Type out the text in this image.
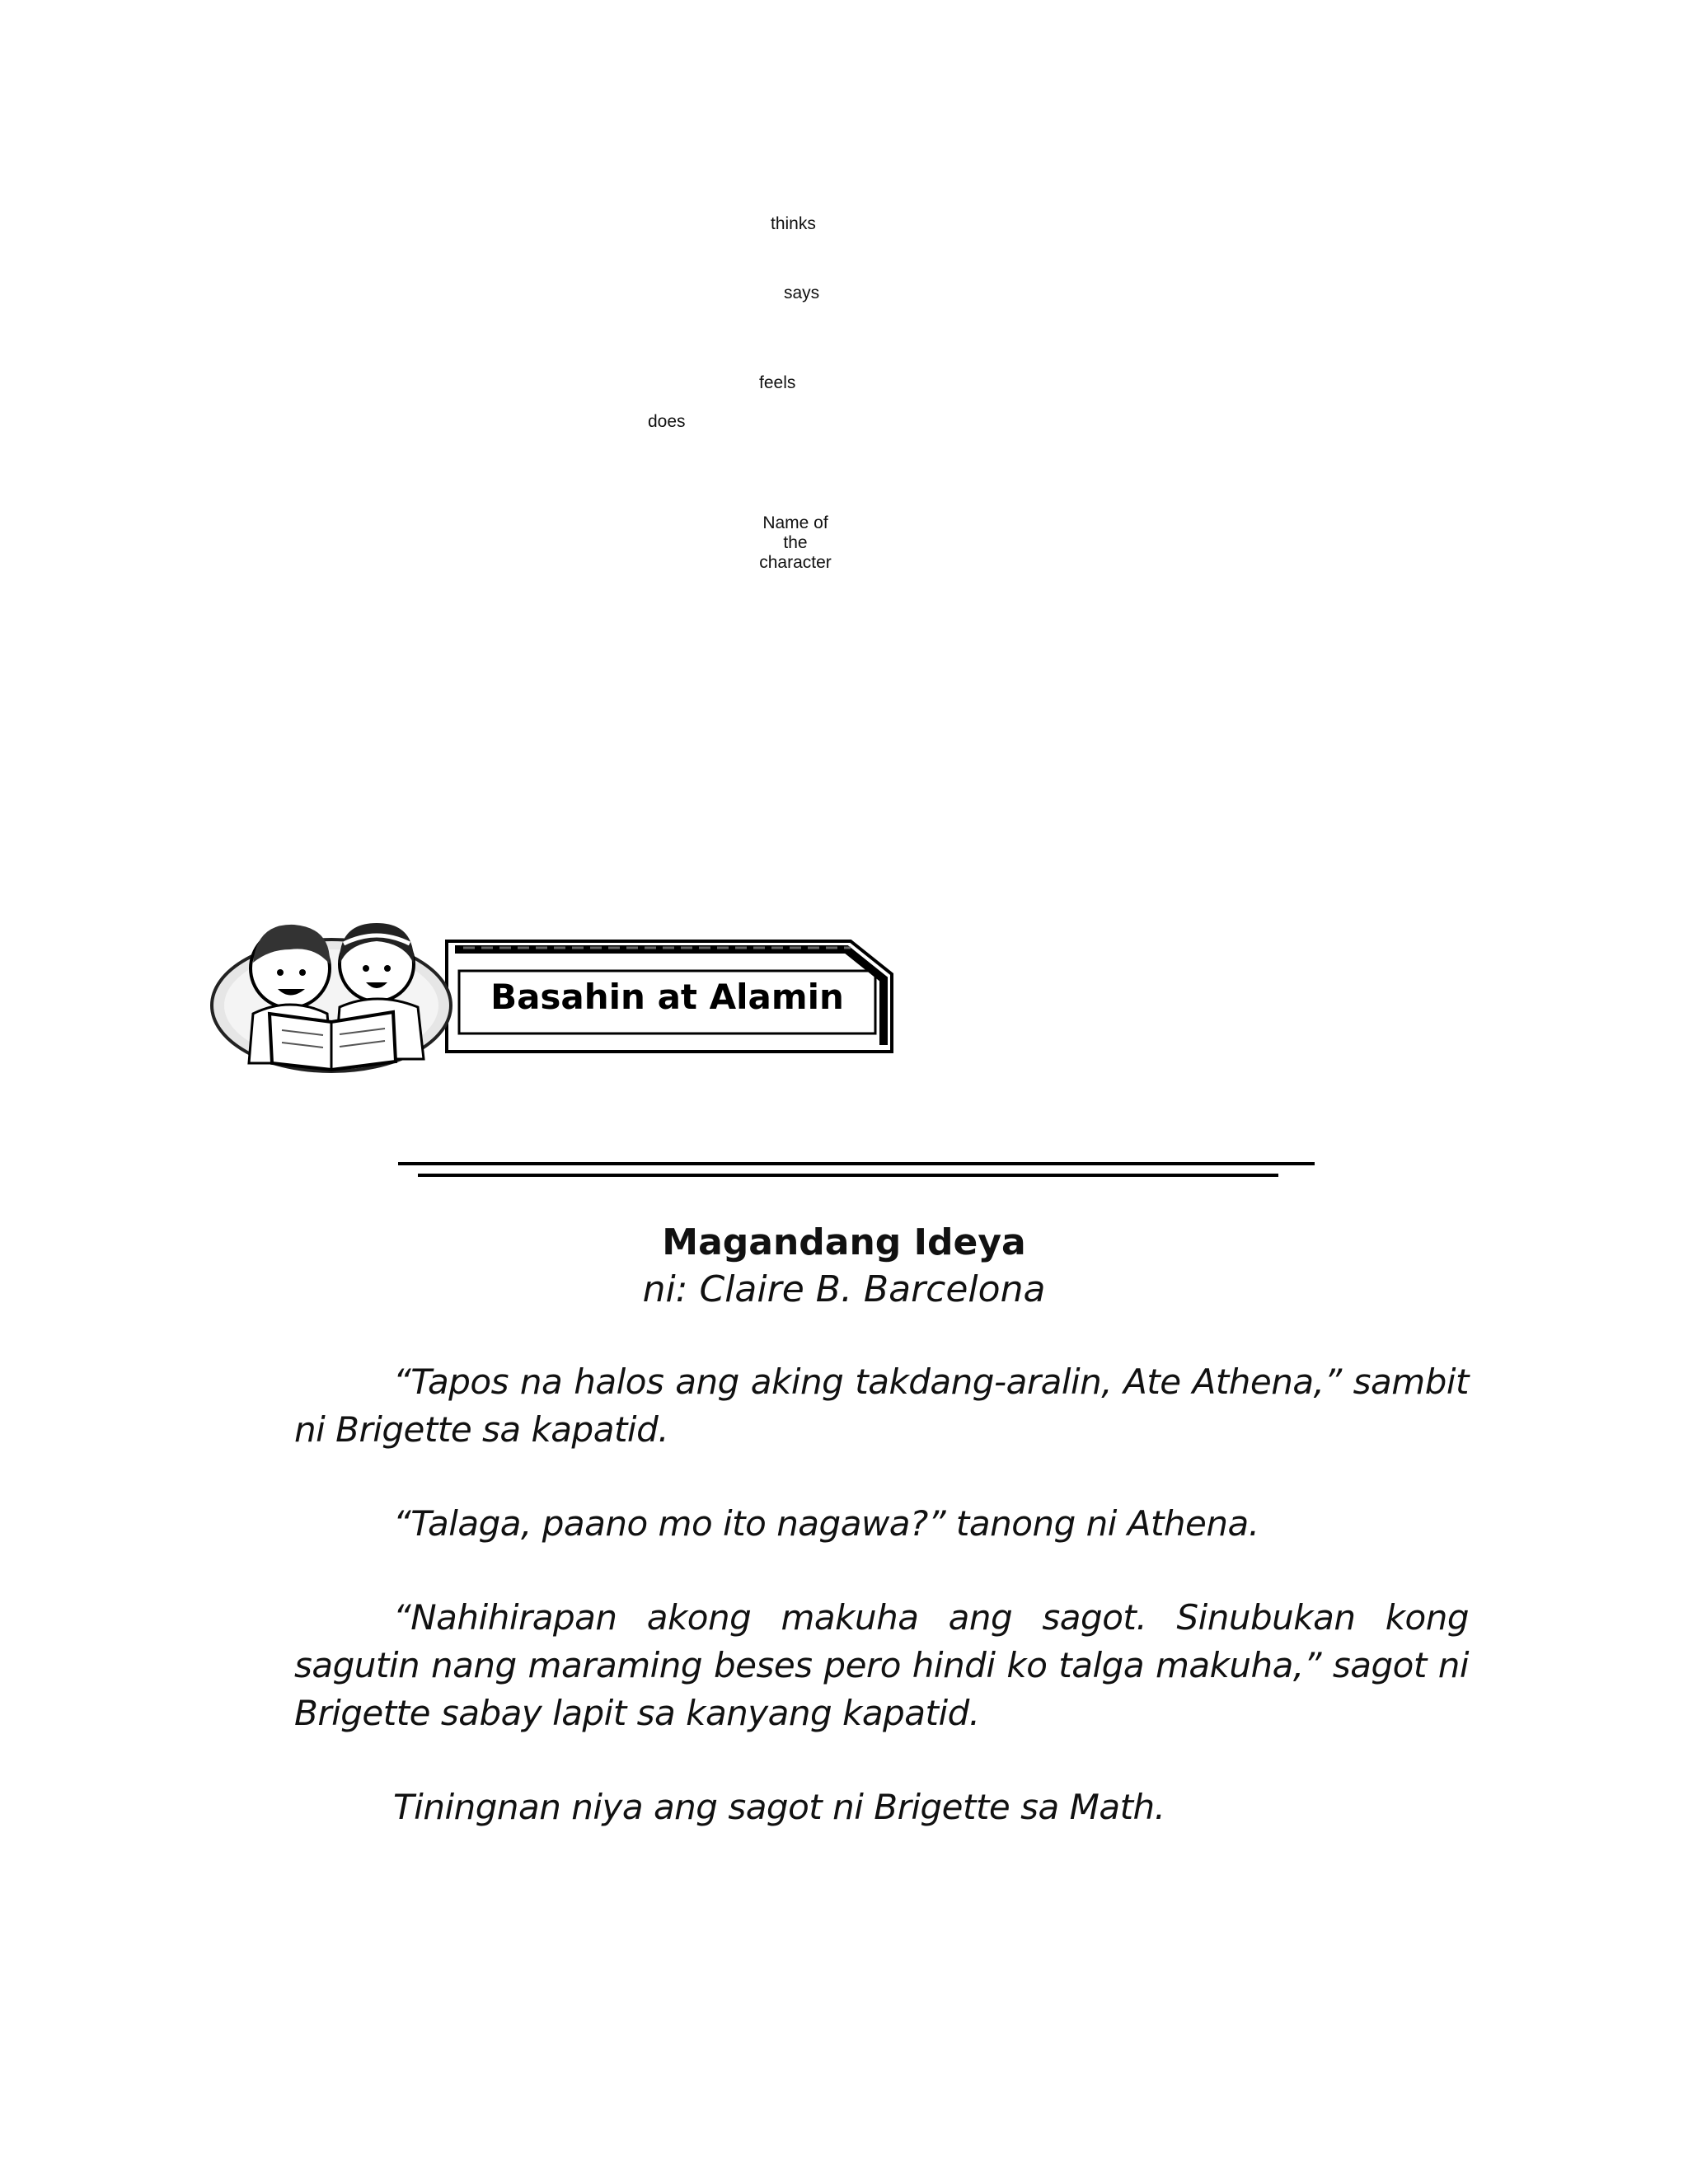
thinks
says
feels
does
Name of the character
Basahin at Alamin
Magandang Ideya
ni: Claire B. Barcelona

“Tapos na halos ang aking takdang-aralin, Ate Athena,” sambit ni Brigette sa kapatid.

“Talaga, paano mo ito nagawa?” tanong ni Athena.

“Nahihirapan akong makuha ang sagot. Sinubukan kong sagutin nang maraming beses pero hindi ko talga makuha,” sagot ni Brigette sabay lapit sa kanyang kapatid.

Tiningnan niya ang sagot ni Brigette sa Math.
